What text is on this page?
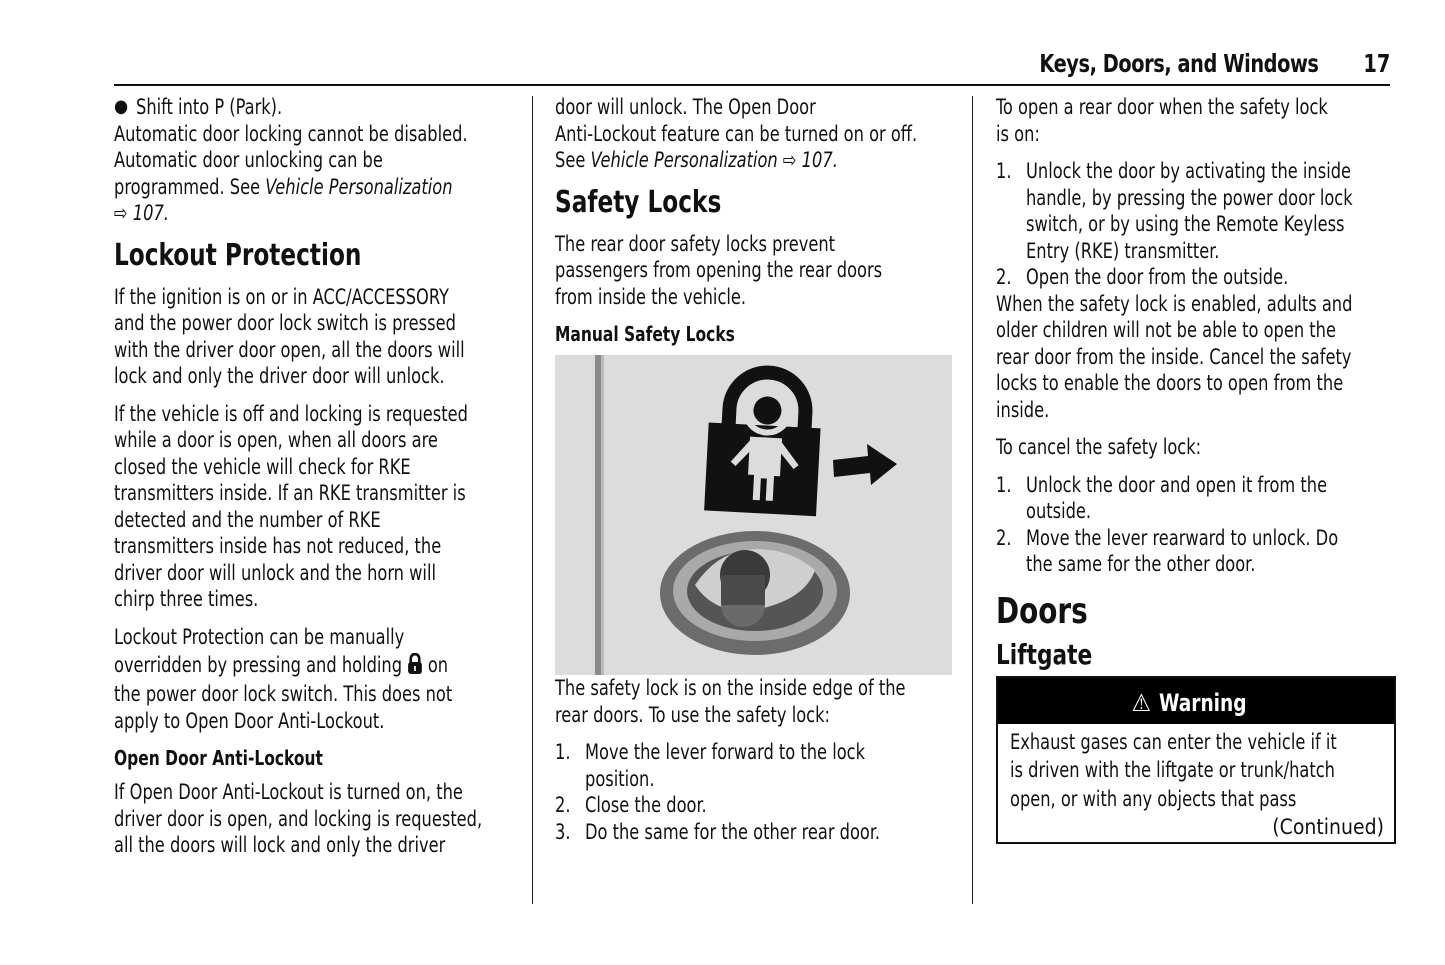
Keys, Doors, and Windows 17
● Shift into P (Park).

Automatic door locking cannot be disabled.
Automatic door unlocking can be
programmed. See Vehicle Personalization
⇨ 107.

Lockout Protection

If the ignition is on or in ACC/ACCESSORY
and the power door lock switch is pressed
with the driver door open, all the doors will
lock and only the driver door will unlock.

If the vehicle is off and locking is requested
while a door is open, when all doors are
closed the vehicle will check for RKE
transmitters inside. If an RKE transmitter is
detected and the number of RKE
transmitters inside has not reduced, the
driver door will unlock and the horn will
chirp three times.

Lockout Protection can be manually
overridden by pressing and holding  on
the power door lock switch. This does not
apply to Open Door Anti-Lockout.

Open Door Anti-Lockout

If Open Door Anti-Lockout is turned on, the
driver door is open, and locking is requested,
all the doors will lock and only the driver

door will unlock. The Open Door
Anti-Lockout feature can be turned on or off.
See Vehicle Personalization ⇨ 107.

Safety Locks

The rear door safety locks prevent
passengers from opening the rear doors
from inside the vehicle.

Manual Safety Locks

The safety lock is on the inside edge of the
rear doors. To use the safety lock:

1. Move the lever forward to the lock
position.
2. Close the door.
3. Do the same for the other rear door.

To open a rear door when the safety lock
is on:

1. Unlock the door by activating the inside
handle, by pressing the power door lock
switch, or by using the Remote Keyless
Entry (RKE) transmitter.
2. Open the door from the outside.

When the safety lock is enabled, adults and
older children will not be able to open the
rear door from the inside. Cancel the safety
locks to enable the doors to open from the
inside.

To cancel the safety lock:

1. Unlock the door and open it from the
outside.
2. Move the lever rearward to unlock. Do
the same for the other door.
Doors
Liftgate
⚠ Warning
Exhaust gases can enter the vehicle if it
is driven with the liftgate or trunk/hatch
open, or with any objects that pass
(Continued)
